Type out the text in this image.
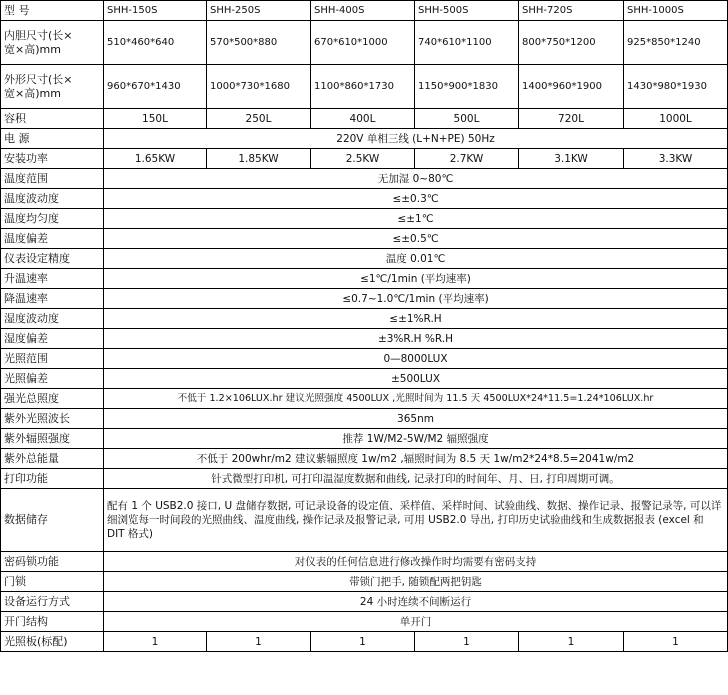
型 号	SHH-150S	SHH-250S	SHH-400S	SHH-500S	SHH-720S	SHH-1000S
内胆尺寸(长×
宽×高)mm	510*460*640	570*500*880	670*610*1000	740*610*1100	800*750*1200	925*850*1240
外形尺寸(长×
宽×高)mm	960*670*1430	1000*730*1680	1100*860*1730	1150*900*1830	1400*960*1900	1430*980*1930
容积	150L	250L	400L	500L	720L	1000L
电 源	220V 单相三线 (L+N+PE) 50Hz					
安装功率	1.65KW	1.85KW	2.5KW	2.7KW	3.1KW	3.3KW
温度范围	无加湿 0~80℃					
温度波动度	≤±0.3℃					
温度均匀度	≤±1℃					
温度偏差	≤±0.5℃					
仪表设定精度	温度 0.01℃					
升温速率	≤1℃/1min (平均速率)					
降温速率	≤0.7~1.0℃/1min (平均速率)					
湿度波动度	≤±1%R.H					
湿度偏差	±3%R.H %R.H					
光照范围	0—8000LUX					
光照偏差	±500LUX					
强光总照度	不低于 1.2×106LUX.hr 建议光照强度 4500LUX ,光照时间为 11.5 天 4500LUX*24*11.5=1.24*106LUX.hr					
紫外光照波长	365nm					
紫外辐照强度	推荐 1W/M2-5W/M2 辐照强度					
紫外总能量	不低于 200whr/m2 建议紫辐照度 1w/m2 ,辐照时间为 8.5 天 1w/m2*24*8.5=2041w/m2					
打印功能	针式微型打印机, 可打印温湿度数据和曲线, 记录打印的时间年、月、日, 打印周期可调。					
数据储存	配有 1 个 USB2.0 接口, U 盘储存数据, 可记录设备的设定值、采样值、采样时间、试验曲线、数据、操作记录、报警记录等, 可以详细浏览每一时间段的光照曲线、温度曲线, 操作记录及报警记录, 可用 USB2.0 导出, 打印历史试验曲线和生成数据报表 (excel 和 DIT 格式)					
密码锁功能	对仪表的任何信息进行修改操作时均需要有密码支持					
门锁	带锁门把手, 随锁配两把钥匙					
设备运行方式	24 小时连续不间断运行					
开门结构	单开门					
光照板(标配)	1	1	1	1	1	1
